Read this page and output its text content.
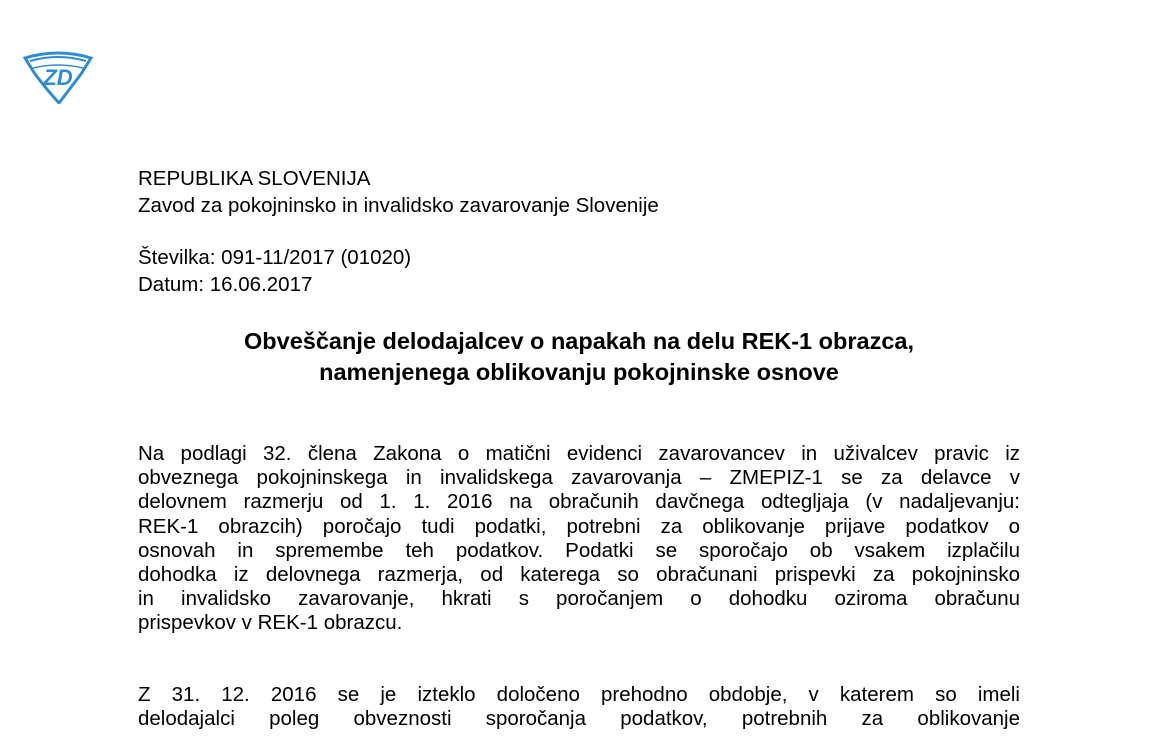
ZD
REPUBLIKA SLOVENIJA
Zavod za pokojninsko in invalidsko zavarovanje Slovenije
Številka: 091-11/2017 (01020)
Datum: 16.06.2017
Obveščanje delodajalcev o napakah na delu REK-1 obrazca,
namenjenega oblikovanju pokojninske osnove
Na podlagi 32. člena Zakona o matični evidenci zavarovancev in uživalcev pravic iz
obveznega pokojninskega in invalidskega zavarovanja – ZMEPIZ-1 se za delavce v
delovnem razmerju od 1. 1. 2016 na obračunih davčnega odtegljaja (v nadaljevanju:
REK-1 obrazcih) poročajo tudi podatki, potrebni za oblikovanje prijave podatkov o
osnovah in spremembe teh podatkov. Podatki se sporočajo ob vsakem izplačilu
dohodka iz delovnega razmerja, od katerega so obračunani prispevki za pokojninsko
in invalidsko zavarovanje, hkrati s poročanjem o dohodku oziroma obračunu
prispevkov v REK-1 obrazcu.
Z 31. 12. 2016 se je izteklo določeno prehodno obdobje, v katerem so imeli
delodajalci poleg obveznosti sporočanja podatkov, potrebnih za oblikovanje
